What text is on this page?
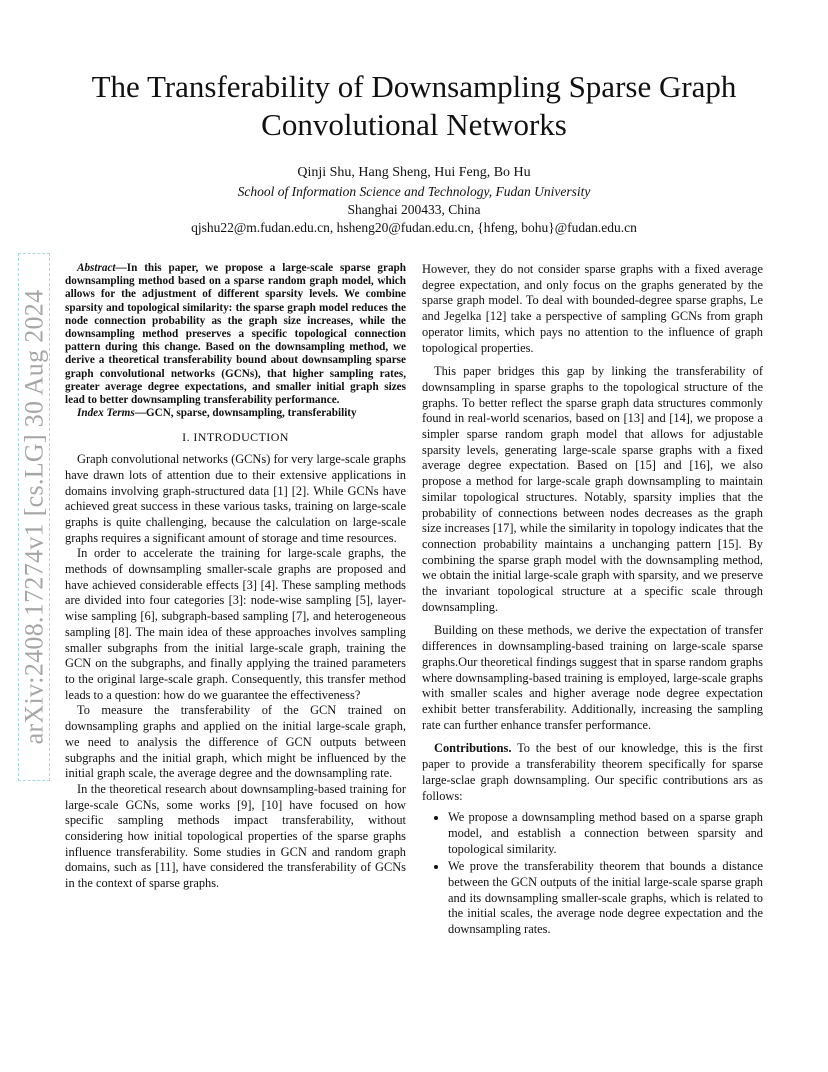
arXiv:2408.17274v1 [cs.LG] 30 Aug 2024
The Transferability of Downsampling Sparse Graph Convolutional Networks
Qinji Shu, Hang Sheng, Hui Feng, Bo Hu
School of Information Science and Technology, Fudan University
Shanghai 200433, China
qjshu22@m.fudan.edu.cn, hsheng20@fudan.edu.cn, {hfeng, bohu}@fudan.edu.cn

Abstract—In this paper, we propose a large-scale sparse graph downsampling method based on a sparse random graph model, which allows for the adjustment of different sparsity levels. We combine sparsity and topological similarity: the sparse graph model reduces the node connection probability as the graph size increases, while the downsampling method preserves a specific topological connection pattern during this change. Based on the downsampling method, we derive a theoretical transferability bound about downsampling sparse graph convolutional networks (GCNs), that higher sampling rates, greater average degree expectations, and smaller initial graph sizes lead to better downsampling transferability performance.

Index Terms—GCN, sparse, downsampling, transferability

I. INTRODUCTION

Graph convolutional networks (GCNs) for very large-scale graphs have drawn lots of attention due to their extensive applications in domains involving graph-structured data [1] [2]. While GCNs have achieved great success in these various tasks, training on large-scale graphs is quite challenging, because the calculation on large-scale graphs requires a significant amount of storage and time resources.

In order to accelerate the training for large-scale graphs, the methods of downsampling smaller-scale graphs are proposed and have achieved considerable effects [3] [4]. These sampling methods are divided into four categories [3]: node-wise sampling [5], layer-wise sampling [6], subgraph-based sampling [7], and heterogeneous sampling [8]. The main idea of these approaches involves sampling smaller subgraphs from the initial large-scale graph, training the GCN on the subgraphs, and finally applying the trained parameters to the original large-scale graph. Consequently, this transfer method leads to a question: how do we guarantee the effectiveness?

To measure the transferability of the GCN trained on downsampling graphs and applied on the initial large-scale graph, we need to analysis the difference of GCN outputs between subgraphs and the initial graph, which might be influenced by the initial graph scale, the average degree and the downsampling rate.

In the theoretical research about downsampling-based training for large-scale GCNs, some works [9], [10] have focused on how specific sampling methods impact transferability, without considering how initial topological properties of the sparse graphs influence transferability. Some studies in GCN and random graph domains, such as [11], have considered the transferability of GCNs in the context of sparse graphs.

However, they do not consider sparse graphs with a fixed average degree expectation, and only focus on the graphs generated by the sparse graph model. To deal with bounded-degree sparse graphs, Le and Jegelka [12] take a perspective of sampling GCNs from graph operator limits, which pays no attention to the influence of graph topological properties.

This paper bridges this gap by linking the transferability of downsampling in sparse graphs to the topological structure of the graphs. To better reflect the sparse graph data structures commonly found in real-world scenarios, based on [13] and [14], we propose a simpler sparse random graph model that allows for adjustable sparsity levels, generating large-scale sparse graphs with a fixed average degree expectation. Based on [15] and [16], we also propose a method for large-scale graph downsampling to maintain similar topological structures. Notably, sparsity implies that the probability of connections between nodes decreases as the graph size increases [17], while the similarity in topology indicates that the connection probability maintains a unchanging pattern [15]. By combining the sparse graph model with the downsampling method, we obtain the initial large-scale graph with sparsity, and we preserve the invariant topological structure at a specific scale through downsampling.

Building on these methods, we derive the expectation of transfer differences in downsampling-based training on large-scale sparse graphs.Our theoretical findings suggest that in sparse random graphs where downsampling-based training is employed, large-scale graphs with smaller scales and higher average node degree expectation exhibit better transferability. Additionally, increasing the sampling rate can further enhance transfer performance.

Contributions. To the best of our knowledge, this is the first paper to provide a transferability theorem specifically for sparse large-sclae graph downsampling. Our specific contributions ars as follows:

• We propose a downsampling method based on a sparse graph model, and establish a connection between sparsity and topological similarity.
• We prove the transferability theorem that bounds a distance between the GCN outputs of the initial large-scale sparse graph and its downsampling smaller-scale graphs, which is related to the initial scales, the average node degree expectation and the downsampling rates.
